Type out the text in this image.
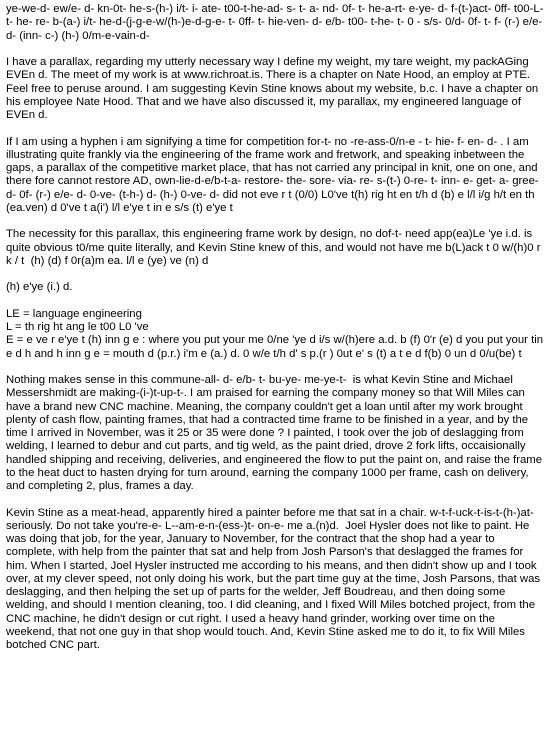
ye-we-d- ew/e- d- kn-0t- he-s-(h-) i/t- i- ate- t00-t-he-ad- s- t- a- nd- 0f- t- he-a-rt- e-ye- d- f-(t-)act- 0ff- t00-L- t- he- re- b-(a-) i/t- he-d-(j-g-e-w/(h-)e-d-g-e- t- 0ff- t- hie-ven- d- e/b- t00- t-he- t- 0 - s/s- 0/d- 0f- t- f- (r-) e/e- d- (inn- c-) (h-) 0/m-e-vain-d-

I have a parallax, regarding my utterly necessary way I define my weight, my tare weight, my packAGing EVEn d. The meet of my work is at www.richroat.is. There is a chapter on Nate Hood, an employ at PTE. Feel free to peruse around. I am suggesting Kevin Stine knows about my website, b.c. I have a chapter on his employee Nate Hood. That and we have also discussed it, my parallax, my engineered language of EVEn d.

If I am using a hyphen i am signifying a time for competition for-t- no -re-ass-0/n-e - t- hie- f- en- d- . I am illustrating quite frankly via the engineering of the frame work and fretwork, and speaking inbetween the gaps, a parallax of the competitive market place, that has not carried any principal in knit, one on one, and there fore cannot restore AD, own-lie-d-e/b-t-a- restore- the- sore- via- re- s-(t-) 0-re- t- inn- e- get- a- gree- d- 0f- (r-) e/e- d- 0-ve- (t-h-) d- (h-) 0-ve- d- did not eve r t (0/0) L0've t(h) rig ht en t/h d (b) e l/l i/g h/t en th (ea.ven) d 0've t a(i') l/l e'ye t in e s/s (t) e'ye t

The necessity for this parallax, this engineering frame work by design, no dof-t- need app(ea)Le 'ye i.d. is quite obvious t0/me quite literally, and Kevin Stine knew of this, and would not have me b(L)ack t 0 w/(h)0 r k / t  (h) (d) f 0r(a)m ea. l/l e (ye) ve (n) d

(h) e'ye (i.) d.

LE = language engineering
L = th rig ht ang le t00 L0 've
E = e ve r e'ye t (h) inn g e : where you put your me 0/ne 'ye d i/s w/(h)ere a.d. b (f) 0'r (e) d you put your tin e d h and h inn g e = mouth d (p.r.) i'm e (a.) d. 0 w/e t/h d' s p.(r ) 0ut e' s (t) a t e d f(b) 0 un d 0/u(be) t

Nothing makes sense in this commune-all- d- e/b- t- bu-ye- me-ye-t-  is what Kevin Stine and Michael Messershmidt are making-(i-)t-up-t-. I am praised for earning the company money so that Will Miles can have a brand new CNC machine. Meaning, the company couldn't get a loan until after my work brought plenty of cash flow, painting frames, that had a contracted time frame to be finished in a year, and by the time I arrived in November, was it 25 or 35 were done ? I painted, I took over the job of deslagging from welding, I learned to debur and cut parts, and tig weld, as the paint dried, drove 2 fork lifts, occaisionally handled shipping and receiving, deliveries, and engineered the flow to put the paint on, and raise the frame to the heat duct to hasten drying for turn around, earning the company 1000 per frame, cash on delivery, and completing 2, plus, frames a day.

Kevin Stine as a meat-head, apparently hired a painter before me that sat in a chair. w-t-f-uck-t-is-t-(h-)at-  seriously. Do not take you're-e- L--am-e-n-(ess-)t- on-e- me a.(n)d.  Joel Hysler does not like to paint. He was doing that job, for the year, January to November, for the contract that the shop had a year to complete, with help from the painter that sat and help from Josh Parson's that deslagged the frames for him. When I started, Joel Hysler instructed me according to his means, and then didn't show up and I took over, at my clever speed, not only doing his work, but the part time guy at the time, Josh Parsons, that was deslagging, and then helping the set up of parts for the welder, Jeff Boudreau, and then doing some welding, and should I mention cleaning, too. I did cleaning, and I fixed Will Miles botched project, from the CNC machine, he didn't design or cut right. I used a heavy hand grinder, working over time on the weekend, that not one guy in that shop would touch. And, Kevin Stine asked me to do it, to fix Will Miles botched CNC part.
